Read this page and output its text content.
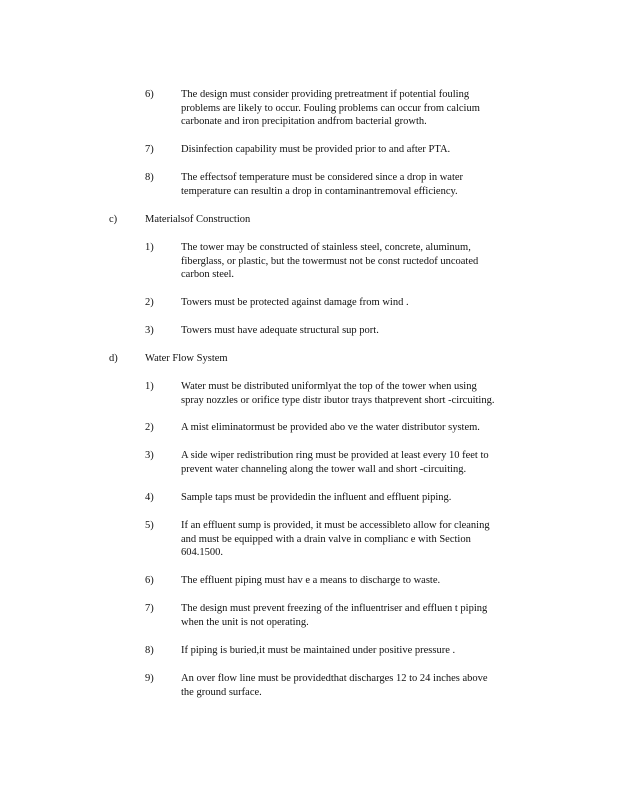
6)	The design must consider providing pretreatment if potential fouling
problems are likely to occur. Fouling problems can occur from calcium
carbonate and iron precipitation andfrom bacterial growth.
7)	Disinfection capability must be provided prior to and after PTA.
8)	The effectsof temperature must be considered since a drop in water
temperature can resultin a drop in contaminantremoval efficiency.
c)	Materialsof Construction
1)	The tower may be constructed of stainless steel, concrete, aluminum,
fiberglass, or plastic, but the towermust not be const ructedof uncoated
carbon steel.
2)	Towers must be protected against damage from wind .
3)	Towers must have adequate structural sup port.
d)	Water Flow System
1)	Water must be distributed uniformlyat the top of the tower when using
spray nozzles or orifice type distr ibutor trays thatprevent short -circuiting.
2)	A mist eliminatormust be provided abo ve the water distributor system.
3)	A side wiper redistribution ring must be provided at least every 10 feet to
prevent water channeling along the tower wall and short -circuiting.
4)	Sample taps must be providedin the influent and effluent piping.
5)	If an effluent sump is provided, it must be accessibleto allow for cleaning
and must be equipped with a drain valve in complianc e with Section
604.1500.
6)	The effluent piping must hav e a means to discharge to waste.
7)	The design must prevent freezing of the influentriser and effluen t piping
when the unit is not operating.
8)	If piping is buried,it must be maintained under positive pressure .
9)	An over flow line must be providedthat discharges 12 to 24 inches above
the ground surface.
